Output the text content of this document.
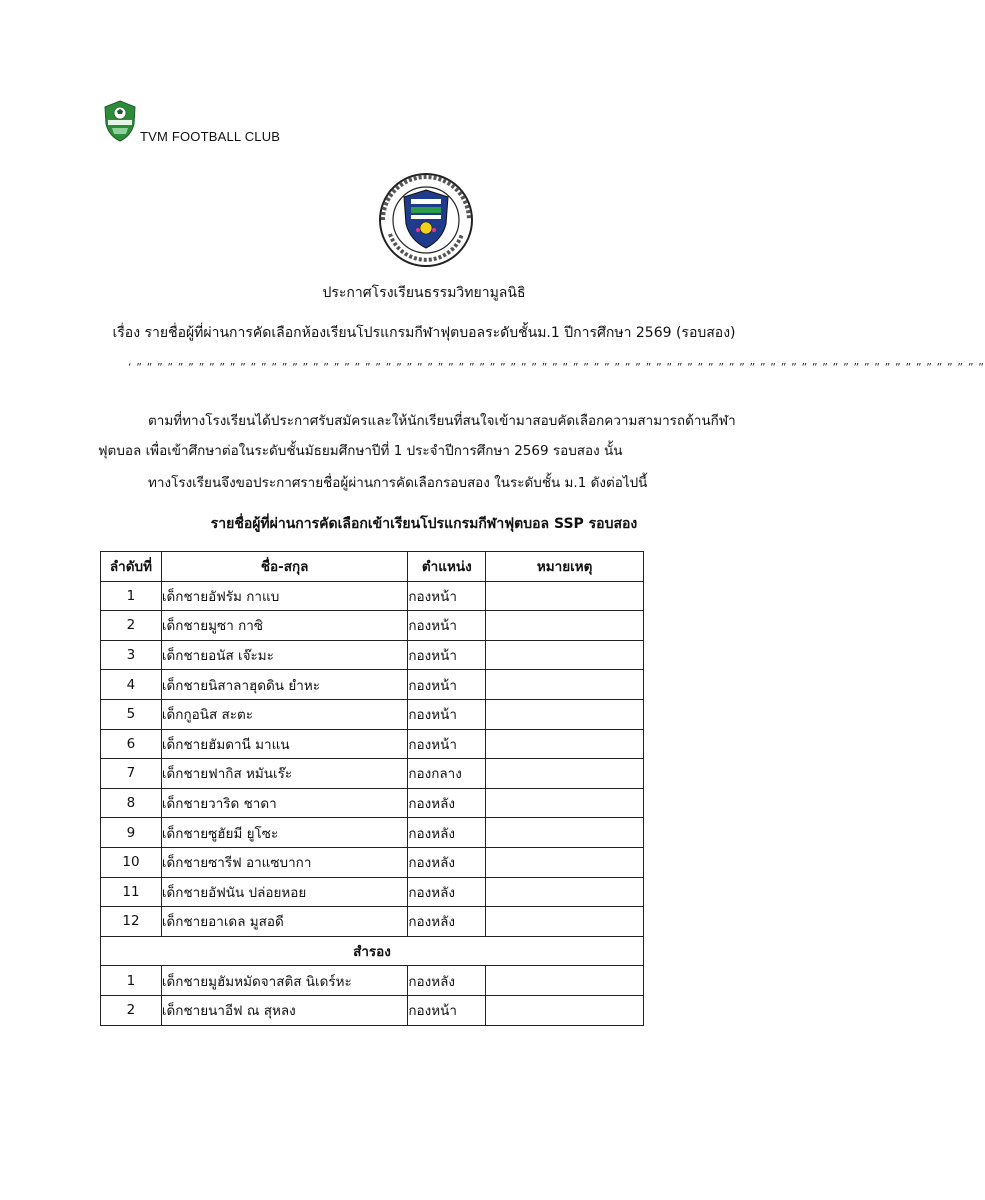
TVM FOOTBALL CLUB
ประกาศโรงเรียนธรรมวิทยามูลนิธิ
เรื่อง รายชื่อผู้ที่ผ่านการคัดเลือกห้องเรียนโปรแกรมกีฬาฟุตบอลระดับชั้นม.1 ปีการศึกษา 2569 (รอบสอง)
‘ ” ” ” ” ” ” ” ” ” ” ” ” ” ” ” ” ” ” ” ” ” ” ” ” ” ” ” ” ” ” ” ” ” ” ” ” ” ” ” ” ” ” ” ” ” ” ” ” ” ” ” ” ” ” ” ” ” ” ” ” ” ” ” ” ” ” ” ” ” ” ” ” ” ” ” ” ” ” ” ” ” ”
ตามที่ทางโรงเรียนได้ประกาศรับสมัครและให้นักเรียนที่สนใจเข้ามาสอบคัดเลือกความสามารถด้านกีฬา
ฟุตบอล เพื่อเข้าศึกษาต่อในระดับชั้นมัธยมศึกษาปีที่ 1 ประจำปีการศึกษา 2569 รอบสอง นั้น
ทางโรงเรียนจึงขอประกาศรายชื่อผู้ผ่านการคัดเลือกรอบสอง ในระดับชั้น ม.1 ดังต่อไปนี้
รายชื่อผู้ที่ผ่านการคัดเลือกเข้าเรียนโปรแกรมกีฬาฟุตบอล SSP รอบสอง
ลำดับที่	ชื่อ-สกุล	ตำแหน่ง	หมายเหตุ
1	เด็กชายอัฟรัม กาแบ	กองหน้า	
2	เด็กชายมูซา กาซิ	กองหน้า	
3	เด็กชายอนัส เจ๊ะมะ	กองหน้า	
4	เด็กชายนิสาลาฮุดดิน ยำหะ	กองหน้า	
5	เด็กกูอนิส สะตะ	กองหน้า	
6	เด็กชายฮัมดานี มาแน	กองหน้า	
7	เด็กชายฟากิส หมันเร๊ะ	กองกลาง	
8	เด็กชายวาริด ชาดา	กองหลัง	
9	เด็กชายซูฮัยมี ยูโซะ	กองหลัง	
10	เด็กชายซารีฟ อาแซบากา	กองหลัง	
11	เด็กชายอัฟนัน ปล่อยหอย	กองหลัง	
12	เด็กชายอาเดล มูสอดี	กองหลัง	
สำรอง			
1	เด็กชายมูฮัมหมัดจาสติส นิเดร์หะ	กองหลัง	
2	เด็กชายนาอีฟ ณ สุหลง	กองหน้า	
